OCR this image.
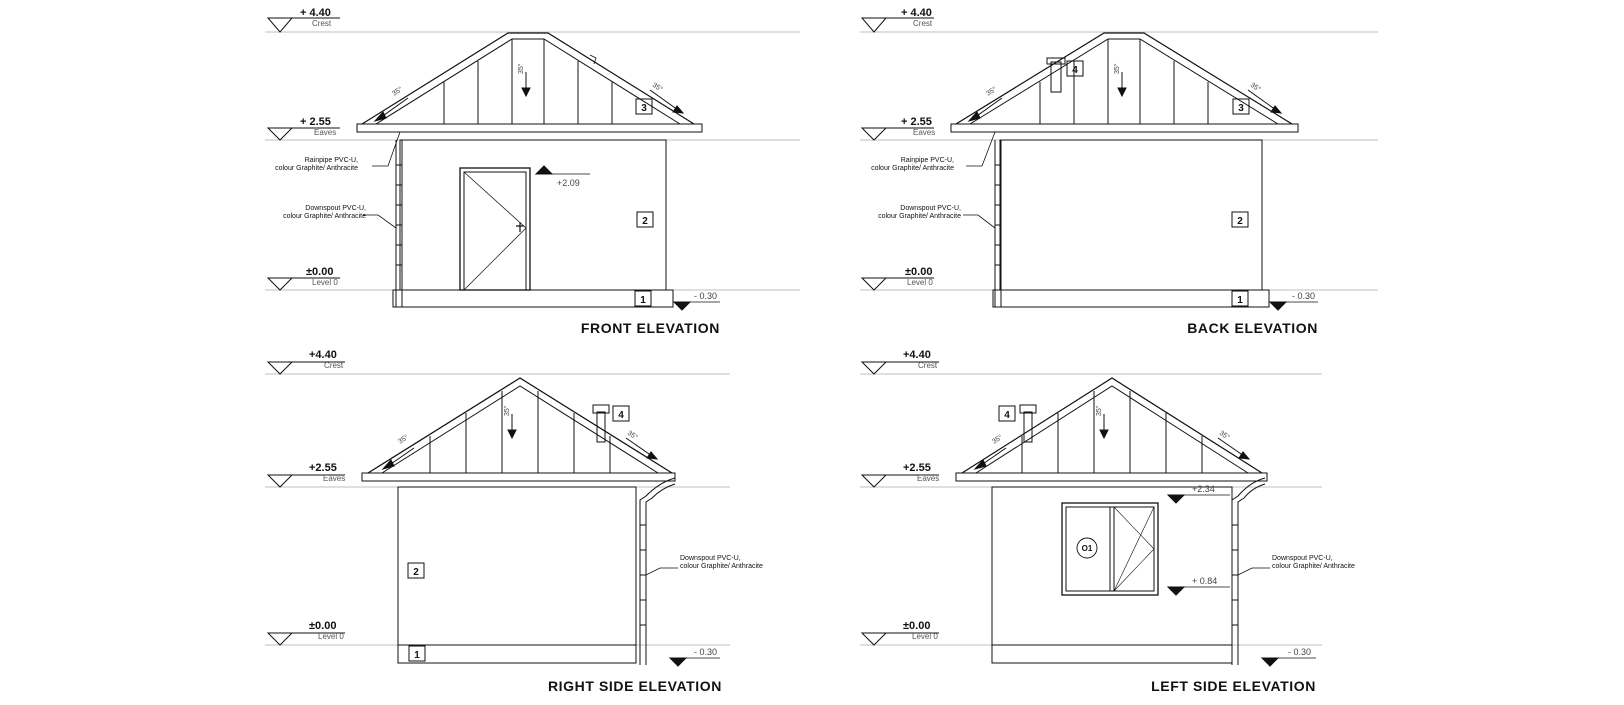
+ 4.40
Crest
+ 2.55
Eaves
±0.00
Level 0
Rainpipe PVC-U,
colour Graphite/ Anthracite
Downspout PVC-U,
colour Graphite/ Anthracite
+2.09
- 0.30
2
1
3
35°	35°
35°
FRONT ELEVATION
+ 4.40
Crest
+ 2.55
Eaves
±0.00
Level 0
Rainpipe PVC-U,
colour Graphite/ Anthracite
Downspout PVC-U,
colour Graphite/ Anthracite
- 0.30
2
1
3
4
35°	35°
35°
BACK ELEVATION
+4.40
Crest
+2.55
Eaves
±0.00
Level 0
Downspout PVC-U,
colour Graphite/ Anthracite
- 0.30
2
1
4
35°	35°
35°
RIGHT SIDE ELEVATION
+4.40
Crest
+2.55
Eaves
±0.00
Level 0
Downspout PVC-U,
colour Graphite/ Anthracite
+2.34
+ 0.84
O1
- 0.30
4
35°	35°
35°
LEFT SIDE ELEVATION
